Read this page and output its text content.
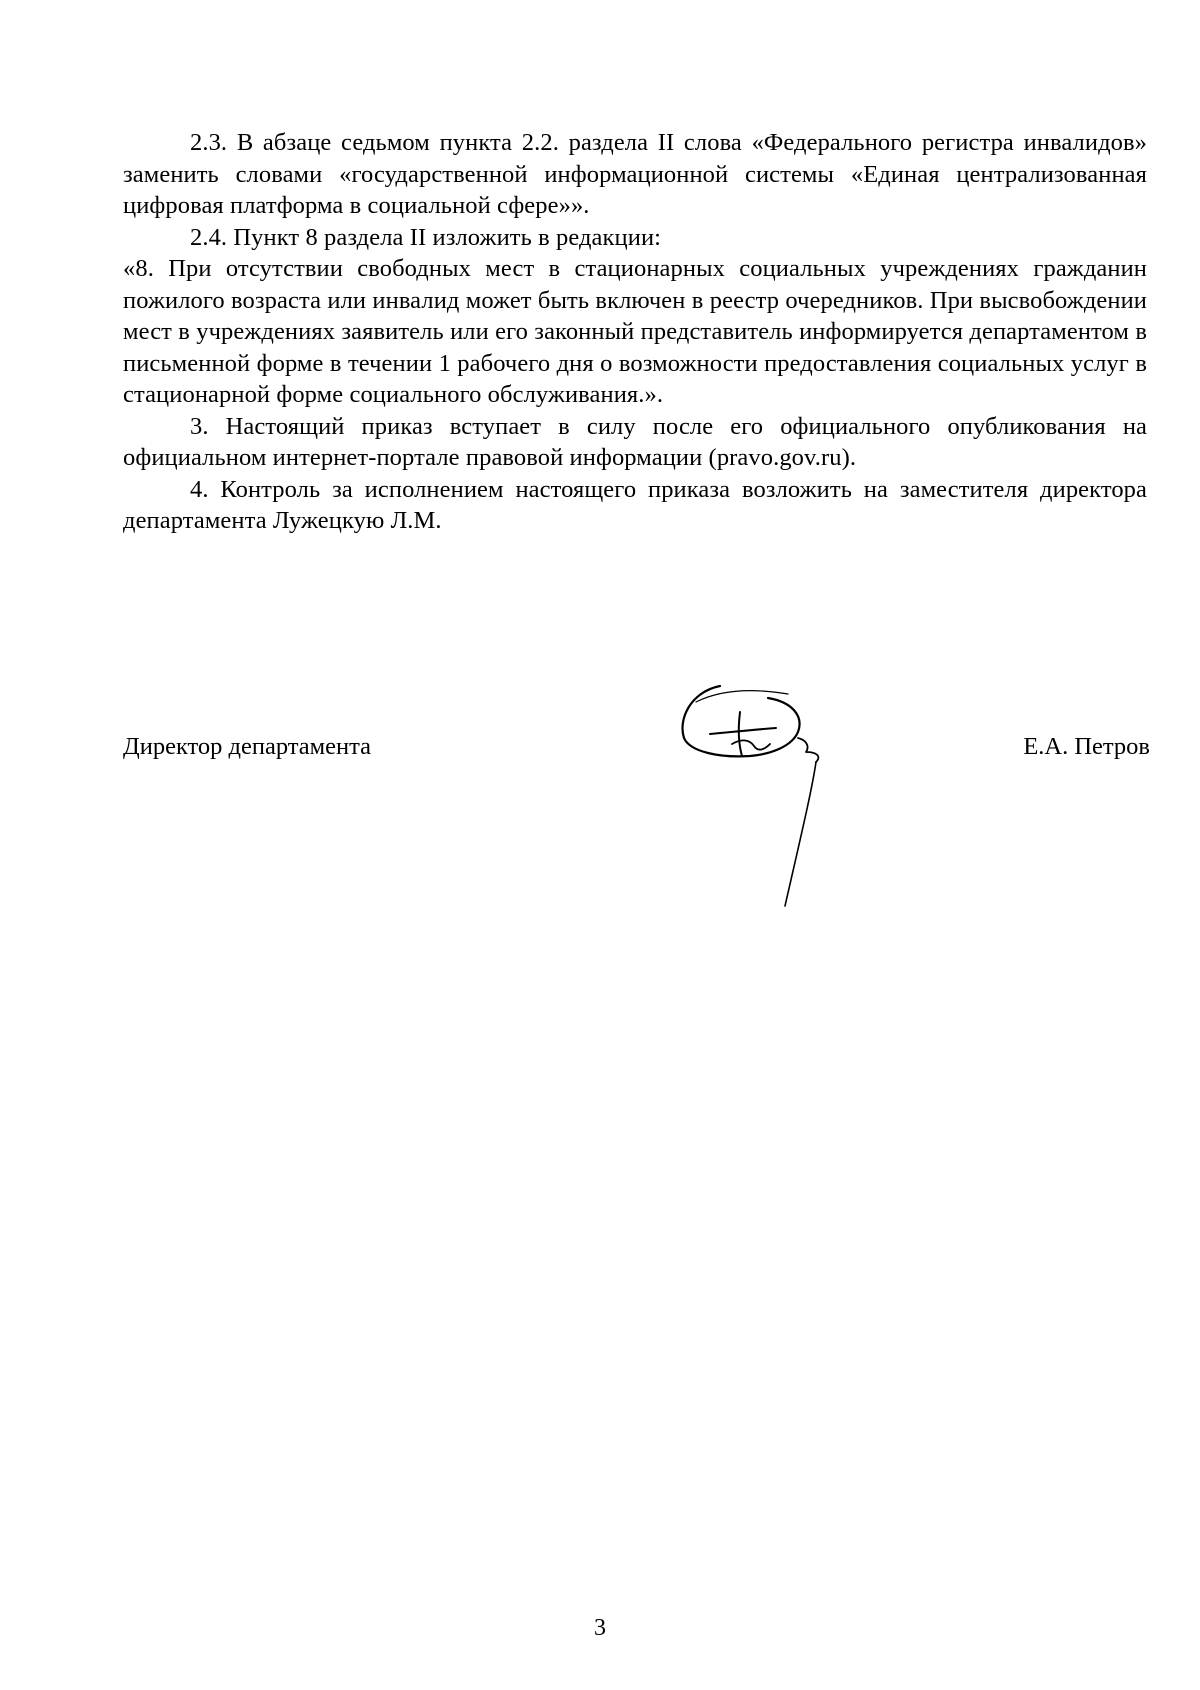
2.3. В абзаце седьмом пункта 2.2. раздела II слова «Федерального регистра инвалидов» заменить словами «государственной информационной системы «Единая централизованная цифровая платформа в социальной сфере»».

2.4. Пункт 8 раздела II изложить в редакции:

«8. При отсутствии свободных мест в стационарных социальных учреждениях гражданин пожилого возраста или инвалид может быть включен в реестр очередников. При высвобождении мест в учреждениях заявитель или его законный представитель информируется департаментом в письменной форме в течении 1 рабочего дня о возможности предоставления социальных услуг в стационарной форме социального обслуживания.».

3. Настоящий приказ вступает в силу после его официального опубликования на официальном интернет-портале правовой информации (pravo.gov.ru).

4. Контроль за исполнением настоящего приказа возложить на заместителя директора департамента Лужецкую Л.М.

Директор департамента	Е.А. Петров
3
